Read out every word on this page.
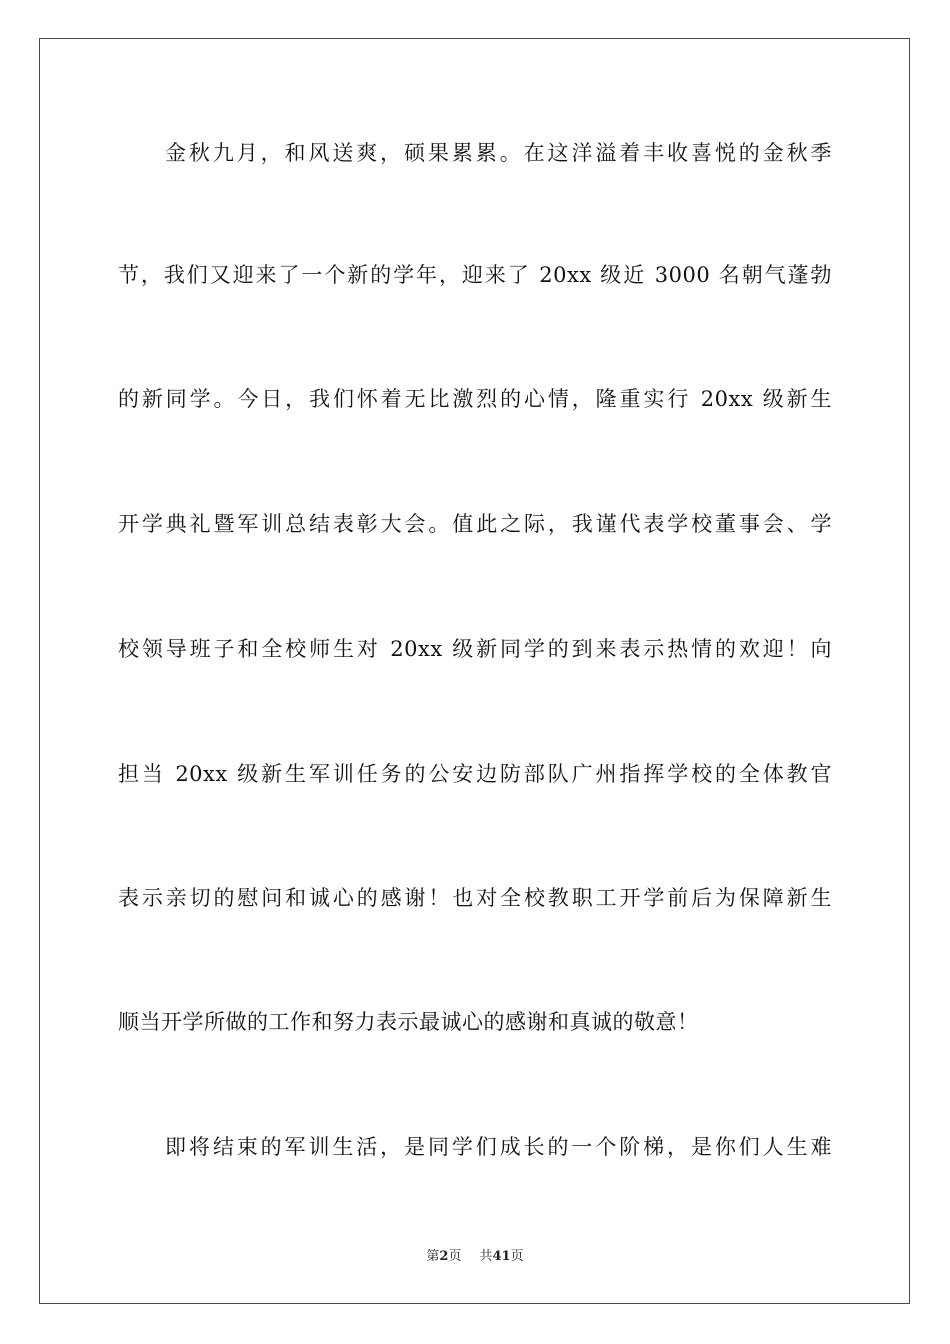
金秋九月，和风送爽，硕果累累。在这洋溢着丰收喜悦的金秋季
节，我们又迎来了一个新的学年，迎来了 20xx 级近 3000 名朝气蓬勃
的新同学。今日，我们怀着无比激烈的心情，隆重实行 20xx 级新生
开学典礼暨军训总结表彰大会。值此之际，我谨代表学校董事会、学
校领导班子和全校师生对 20xx 级新同学的到来表示热情的欢迎！向
担当 20xx 级新生军训任务的公安边防部队广州指挥学校的全体教官
表示亲切的慰问和诚心的感谢！也对全校教职工开学前后为保障新生
顺当开学所做的工作和努力表示最诚心的感谢和真诚的敬意！
即将结束的军训生活，是同学们成长的一个阶梯，是你们人生难
第2页 共41页
